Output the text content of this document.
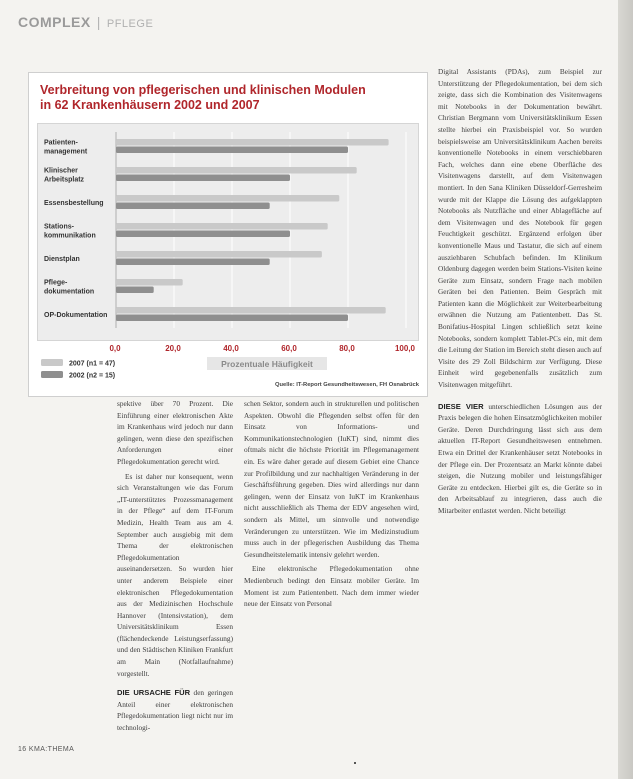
COMPLEX | PFLEGE
Verbreitung von pflegerischen und klinischen Modulen
in 62 Krankenhäusern 2002 und 2007
Patienten-management
Klinischer Arbeitsplatz
Essensbestellung
Stations-kommunikation
Dienstplan
Pflege-dokumentation
OP-Dokumentation
0,0	20,0	40,0	60,0	80,0	100,0
Prozentuale Häufigkeit
2007 (n1 = 47)
2002 (n2 = 15)
Quelle: IT-Report Gesundheitswesen, FH Osnabrück

spektive über 70 Prozent. Die Einführung einer elektronischen Akte im Krankenhaus wird jedoch nur dann gelingen, wenn diese den spezifischen Anforderungen einer Pflegedokumentation gerecht wird.

Es ist daher nur konsequent, wenn sich Veranstaltungen wie das Forum „IT-unterstütztes Prozessmanagement in der Pflege“ auf dem IT-Forum Medizin, Health Team aus am 4. September auch ausgiebig mit dem Thema der elektronischen Pflegedokumentation auseinandersetzen. So wurden hier unter anderem Beispiele einer elektronischen Pflegedokumentation aus der Medizinischen Hochschule Hannover (Intensivstation), dem Universitätsklinikum Essen (flächendeckende Leistungserfassung) und den Städtischen Kliniken Frankfurt am Main (Notfallaufnahme) vorgestellt.

DIE URSACHE FÜR den geringen Anteil einer elektronischen Pflegedokumentation liegt nicht nur im technologi-

schen Sektor, sondern auch in strukturellen und politischen Aspekten. Obwohl die Pflegenden selbst offen für den Einsatz von Informations- und Kommunikationstechnologien (IuKT) sind, nimmt dies oftmals nicht die höchste Priorität im Pflegemanagement ein. Es wäre daher gerade auf diesem Gebiet eine Chance zur Profilbildung und zur nachhaltigen Veränderung in der Geschäftsführung gegeben. Dies wird allerdings nur dann gelingen, wenn der Einsatz von IuKT im Krankenhaus nicht ausschließlich als Thema der EDV angesehen wird, sondern als Mittel, um sinnvolle und notwendige Veränderungen zu unterstützen. Wie im Medizinstudium muss auch in der pflegerischen Ausbildung das Thema Gesundheitstelematik intensiv gelehrt werden.

Eine elektronische Pflegedokumentation ohne Medienbruch bedingt den Einsatz mobiler Geräte. Im Moment ist zum Patientenbett. Nach dem immer wieder neue der Einsatz von Personal

Digital Assistants (PDAs), zum Beispiel zur Unterstützung der Pflegedokumentation, bei dem sich zeigte, dass sich die Kombination des Visitenwagens mit Notebooks in der Dokumentation bewährt. Christian Bergmann vom Universitätsklinikum Essen stellte hierbei ein Praxisbeispiel vor. So wurden beispielsweise am Universitätsklinikum Aachen bereits konventionelle Notebooks in einem verschiebbaren Fach, welches dann eine ebene Oberfläche des Visitenwagens darstellt, auf dem Visitenwagen montiert. In den Sana Kliniken Düsseldorf-Gerresheim wurde mit der Klappe die Lösung des aufgeklappten Notebooks als Nutzfläche und einer Ablagefläche auf dem Visitenwagen und des Notebook für gegen Feuchtigkeit geschützt. Ergänzend erfolgen über konventionelle Maus und Tastatur, die sich auf einem ausziehbaren Schubfach befinden. Im Klinikum Oldenburg dagegen werden beim Stations-Visiten keine Geräte zum Einsatz, sondern Frage nach mobilen Geräten bei den Patienten. Beim Gespräch mit Patienten kann die Möglichkeit zur Weiterbearbeitung erwähnen die Nutzung am Patientenbett. Das St. Bonifatius-Hospital Lingen schließlich setzt keine Notebooks, sondern komplett Tablet-PCs ein, mit dem die Leitung der Station im Bereich steht diesen auch auf Visite des 29 Zoll Bildschirm zur Verfügung. Diese Einheit wird gegebenenfalls zusätzlich zum Visitenwagen mitgeführt.

DIESE VIER unterschiedlichen Lösungen aus der Praxis belegen die hohen Einsatzmöglichkeiten mobiler Geräte. Deren Durchdringung lässt sich aus dem aktuellen IT-Report Gesundheitswesen entnehmen. Etwa ein Drittel der Krankenhäuser setzt Notebooks in der Pflege ein. Der Prozentsatz an Markt könnte dabei steigen, die Nutzung mobiler und leistungsfähiger Geräte zu entdecken. Hierbei gilt es, die Geräte so in den Arbeitsablauf zu integrieren, dass auch die Mitarbeiter entlastet werden. Nicht beteiligt

16 KMA:THEMA
